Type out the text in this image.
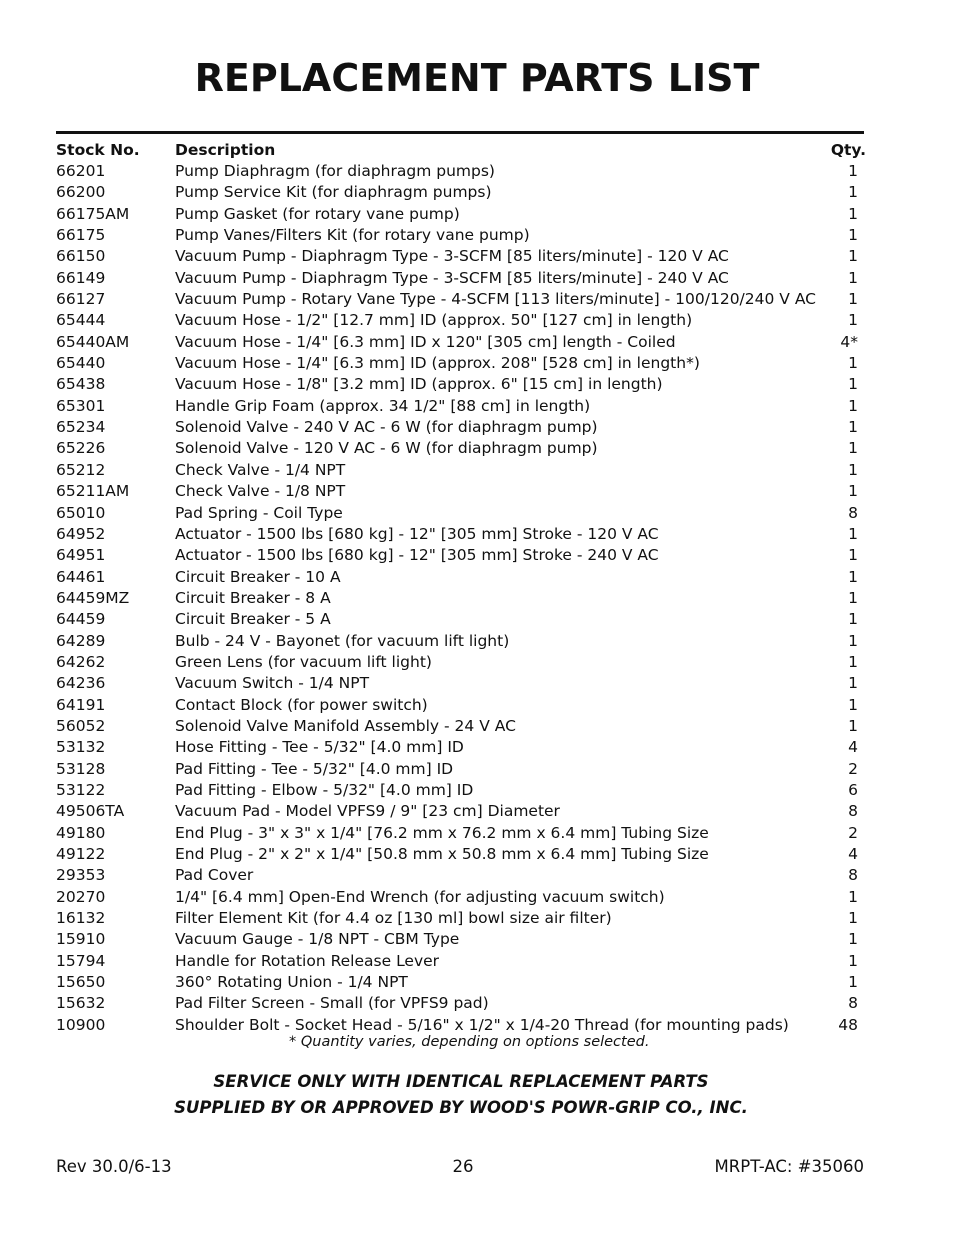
REPLACEMENT PARTS LIST
Stock No. Description	Qty.
66201	Pump Diaphragm (for diaphragm pumps)	1
66200	Pump Service Kit (for diaphragm pumps)	1
66175AM	Pump Gasket (for rotary vane pump)	1
66175	Pump Vanes/Filters Kit (for rotary vane pump)	1
66150	Vacuum Pump - Diaphragm Type - 3-SCFM [85 liters/minute] - 120 V AC	1
66149	Vacuum Pump - Diaphragm Type - 3-SCFM [85 liters/minute] - 240 V AC	1
66127	Vacuum Pump - Rotary Vane Type - 4-SCFM [113 liters/minute] - 100/120/240 V AC 1
65444	Vacuum Hose - 1/2" [12.7 mm] ID (approx. 50" [127 cm] in length)	1
65440AM	Vacuum Hose - 1/4" [6.3 mm] ID x 120" [305 cm] length - Coiled	4*
65440	Vacuum Hose - 1/4" [6.3 mm] ID (approx. 208" [528 cm] in length*)	1
65438	Vacuum Hose - 1/8" [3.2 mm] ID (approx. 6" [15 cm] in length)	1
65301	Handle Grip Foam (approx. 34 1/2" [88 cm] in length)	1
65234	Solenoid Valve - 240 V AC - 6 W (for diaphragm pump)	1
65226	Solenoid Valve - 120 V AC - 6 W (for diaphragm pump)	1
65212	Check Valve - 1/4 NPT	1
65211AM	Check Valve - 1/8 NPT	1
65010	Pad Spring - Coil Type	8
64952	Actuator - 1500 lbs [680 kg] - 12" [305 mm] Stroke - 120 V AC	1
64951	Actuator - 1500 lbs [680 kg] - 12" [305 mm] Stroke - 240 V AC	1
64461	Circuit Breaker - 10 A	1
64459MZ	Circuit Breaker - 8 A	1
64459	Circuit Breaker - 5 A	1
64289	Bulb - 24 V - Bayonet (for vacuum lift light)	1
64262	Green Lens (for vacuum lift light)	1
64236	Vacuum Switch - 1/4 NPT	1
64191	Contact Block (for power switch)	1
56052	Solenoid Valve Manifold Assembly - 24 V AC	1
53132	Hose Fitting - Tee - 5/32" [4.0 mm] ID	4
53128	Pad Fitting - Tee - 5/32" [4.0 mm] ID	2
53122	Pad Fitting - Elbow - 5/32" [4.0 mm] ID	6
49506TA	Vacuum Pad - Model VPFS9 / 9" [23 cm] Diameter	8
49180	End Plug - 3" x 3" x 1/4" [76.2 mm x 76.2 mm x 6.4 mm] Tubing Size	2
49122	End Plug - 2" x 2" x 1/4" [50.8 mm x 50.8 mm x 6.4 mm] Tubing Size	4
29353	Pad Cover	8
20270	1/4" [6.4 mm] Open-End Wrench (for adjusting vacuum switch)	1
16132	Filter Element Kit (for 4.4 oz [130 ml] bowl size air filter)	1
15910	Vacuum Gauge - 1/8 NPT - CBM Type	1
15794	Handle for Rotation Release Lever	1
15650	360° Rotating Union - 1/4 NPT	1
15632	Pad Filter Screen - Small (for VPFS9 pad)	8
10900	Shoulder Bolt - Socket Head - 5/16" x 1/2" x 1/4-20 Thread (for mounting pads)	48
* Quantity varies, depending on options selected.
SERVICE ONLY WITH IDENTICAL REPLACEMENT PARTS
SUPPLIED BY OR APPROVED BY WOOD'S POWR-GRIP CO., INC.
Rev 30.0/6-13	26	MRPT-AC: #35060
